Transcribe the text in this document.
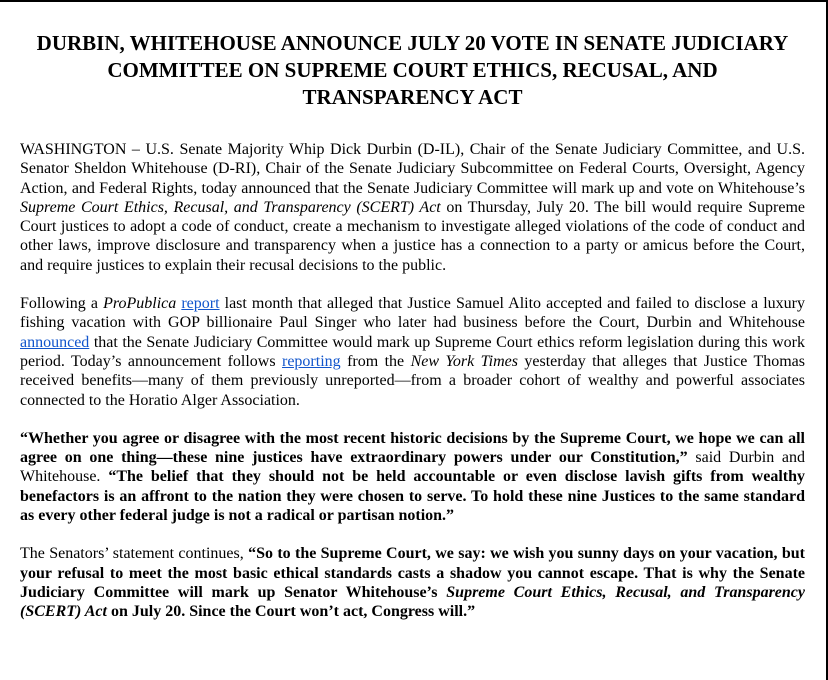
DURBIN, WHITEHOUSE ANNOUNCE JULY 20 VOTE IN SENATE JUDICIARY COMMITTEE ON SUPREME COURT ETHICS, RECUSAL, AND TRANSPARENCY ACT

WASHINGTON – U.S. Senate Majority Whip Dick Durbin (D-IL), Chair of the Senate Judiciary Committee, and U.S. Senator Sheldon Whitehouse (D-RI), Chair of the Senate Judiciary Subcommittee on Federal Courts, Oversight, Agency Action, and Federal Rights, today announced that the Senate Judiciary Committee will mark up and vote on Whitehouse’s Supreme Court Ethics, Recusal, and Transparency (SCERT) Act on Thursday, July 20. The bill would require Supreme Court justices to adopt a code of conduct, create a mechanism to investigate alleged violations of the code of conduct and other laws, improve disclosure and transparency when a justice has a connection to a party or amicus before the Court, and require justices to explain their recusal decisions to the public.

Following a ProPublica report last month that alleged that Justice Samuel Alito accepted and failed to disclose a luxury fishing vacation with GOP billionaire Paul Singer who later had business before the Court, Durbin and Whitehouse announced that the Senate Judiciary Committee would mark up Supreme Court ethics reform legislation during this work period. Today’s announcement follows reporting from the New York Times yesterday that alleges that Justice Thomas received benefits—many of them previously unreported—from a broader cohort of wealthy and powerful associates connected to the Horatio Alger Association.

“Whether you agree or disagree with the most recent historic decisions by the Supreme Court, we hope we can all agree on one thing—these nine justices have extraordinary powers under our Constitution,” said Durbin and Whitehouse. “The belief that they should not be held accountable or even disclose lavish gifts from wealthy benefactors is an affront to the nation they were chosen to serve. To hold these nine Justices to the same standard as every other federal judge is not a radical or partisan notion.”

The Senators’ statement continues, “So to the Supreme Court, we say: we wish you sunny days on your vacation, but your refusal to meet the most basic ethical standards casts a shadow you cannot escape. That is why the Senate Judiciary Committee will mark up Senator Whitehouse’s Supreme Court Ethics, Recusal, and Transparency (SCERT) Act on July 20. Since the Court won’t act, Congress will.”
